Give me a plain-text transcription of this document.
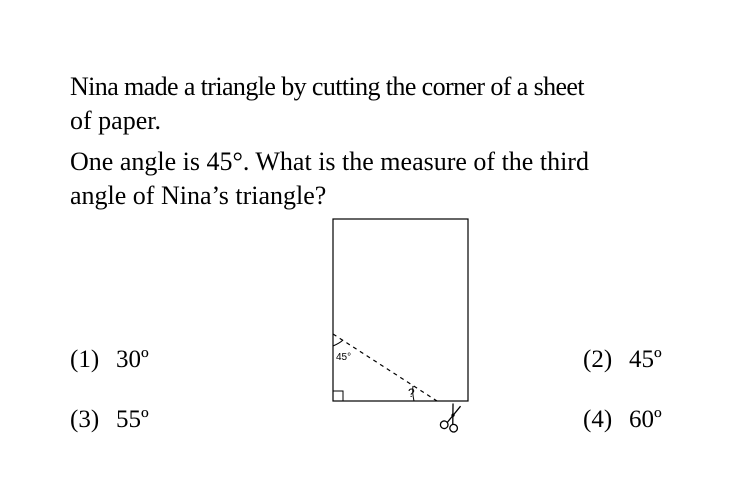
Nina made a triangle by cutting the corner of a sheet
of paper.
One angle is 45°. What is the measure of the third
angle of Nina’s triangle?
45°
?
(1) 30º	(2) 45º
(3) 55º	(4) 60º
